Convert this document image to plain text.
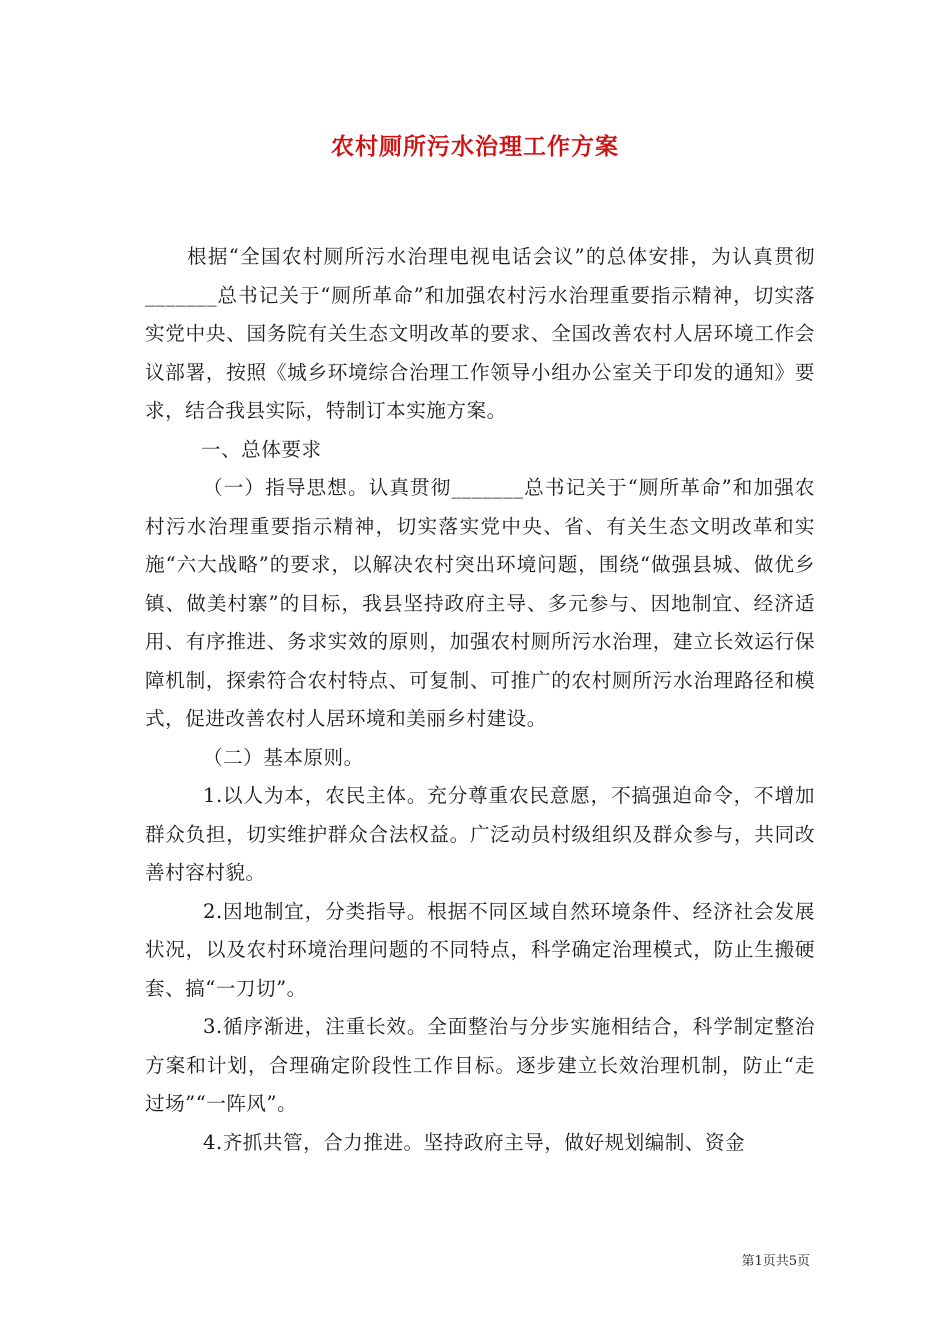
农村厕所污水治理工作方案

根据“全国农村厕所污水治理电视电话会议”的总体安排，为认真贯彻_______总书记关于“厕所革命”和加强农村污水治理重要指示精神，切实落实党中央、国务院有关生态文明改革的要求、全国改善农村人居环境工作会议部署，按照《城乡环境综合治理工作领导小组办公室关于印发的通知》要求，结合我县实际，特制订本实施方案。

一、总体要求

（一）指导思想。认真贯彻_______总书记关于“厕所革命”和加强农村污水治理重要指示精神，切实落实党中央、省、有关生态文明改革和实施“六大战略”的要求，以解决农村突出环境问题，围绕“做强县城、做优乡镇、做美村寨”的目标，我县坚持政府主导、多元参与、因地制宜、经济适用、有序推进、务求实效的原则，加强农村厕所污水治理，建立长效运行保障机制，探索符合农村特点、可复制、可推广的农村厕所污水治理路径和模式，促进改善农村人居环境和美丽乡村建设。

（二）基本原则。

1.以人为本，农民主体。充分尊重农民意愿，不搞强迫命令，不增加群众负担，切实维护群众合法权益。广泛动员村级组织及群众参与，共同改善村容村貌。

2.因地制宜，分类指导。根据不同区域自然环境条件、经济社会发展状况，以及农村环境治理问题的不同特点，科学确定治理模式，防止生搬硬套、搞“一刀切”。

3.循序渐进，注重长效。全面整治与分步实施相结合，科学制定整治方案和计划，合理确定阶段性工作目标。逐步建立长效治理机制，防止“走过场”“一阵风”。

4.齐抓共管，合力推进。坚持政府主导，做好规划编制、资金

第1页共5页
